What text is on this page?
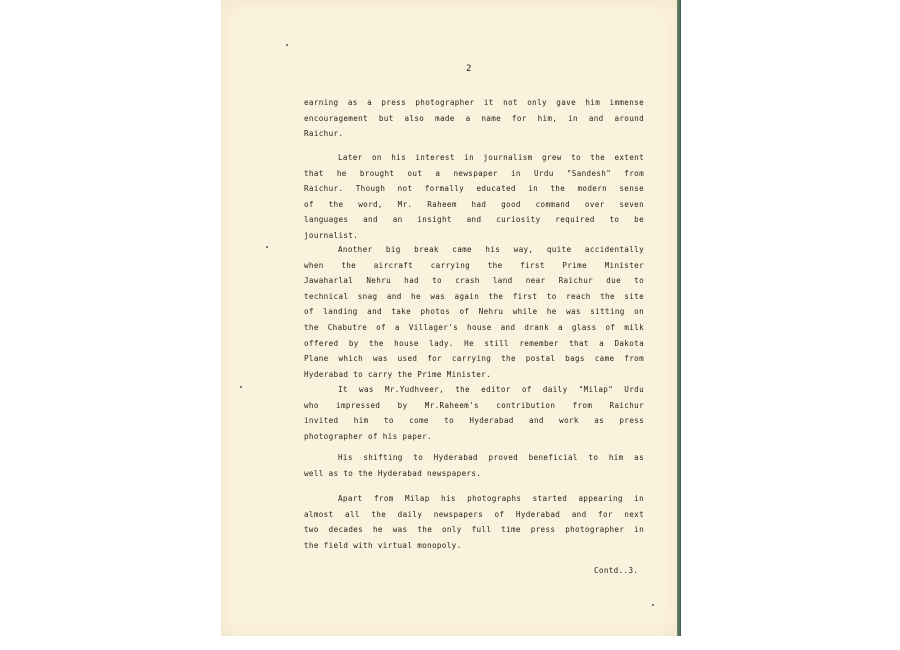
2

earning as a press photographer it not only gave him immense
encouragement but also made a name for him, in and around
Raichur.

Later on his interest in journalism grew to the extent
that he brought out a newspaper in Urdu "Sandesh" from
Raichur. Though not formally educated in the modern sense
of the word, Mr. Raheem had good command over seven
languages and an insight and curiosity required to be
journalist.

Another big break came his way, quite accidentally
when the aircraft carrying the first Prime Minister
Jawaharlal Nehru had to crash land near Raichur due to
technical snag and he was again the first to reach the site
of landing and take photos of Nehru while he was sitting on
the Chabutre of a Villager's house and drank a glass of milk
offered by the house lady. He still remember that a Dakota
Plane which was used for carrying the postal bags came from
Hyderabad to carry the Prime Minister.

It was Mr.Yudhveer, the editor of daily "Milap" Urdu
who impressed by Mr.Raheem's contribution from Raichur
invited him to come to Hyderabad and work as press
photographer of his paper.

His shifting to Hyderabad proved beneficial to him as
well as to the Hyderabad newspapers.

Apart from Milap his photographs started appearing in
almost all the daily newspapers of Hyderabad and for next
two decades he was the only full time press photographer in
the field with virtual monopoly.

Contd..3.
